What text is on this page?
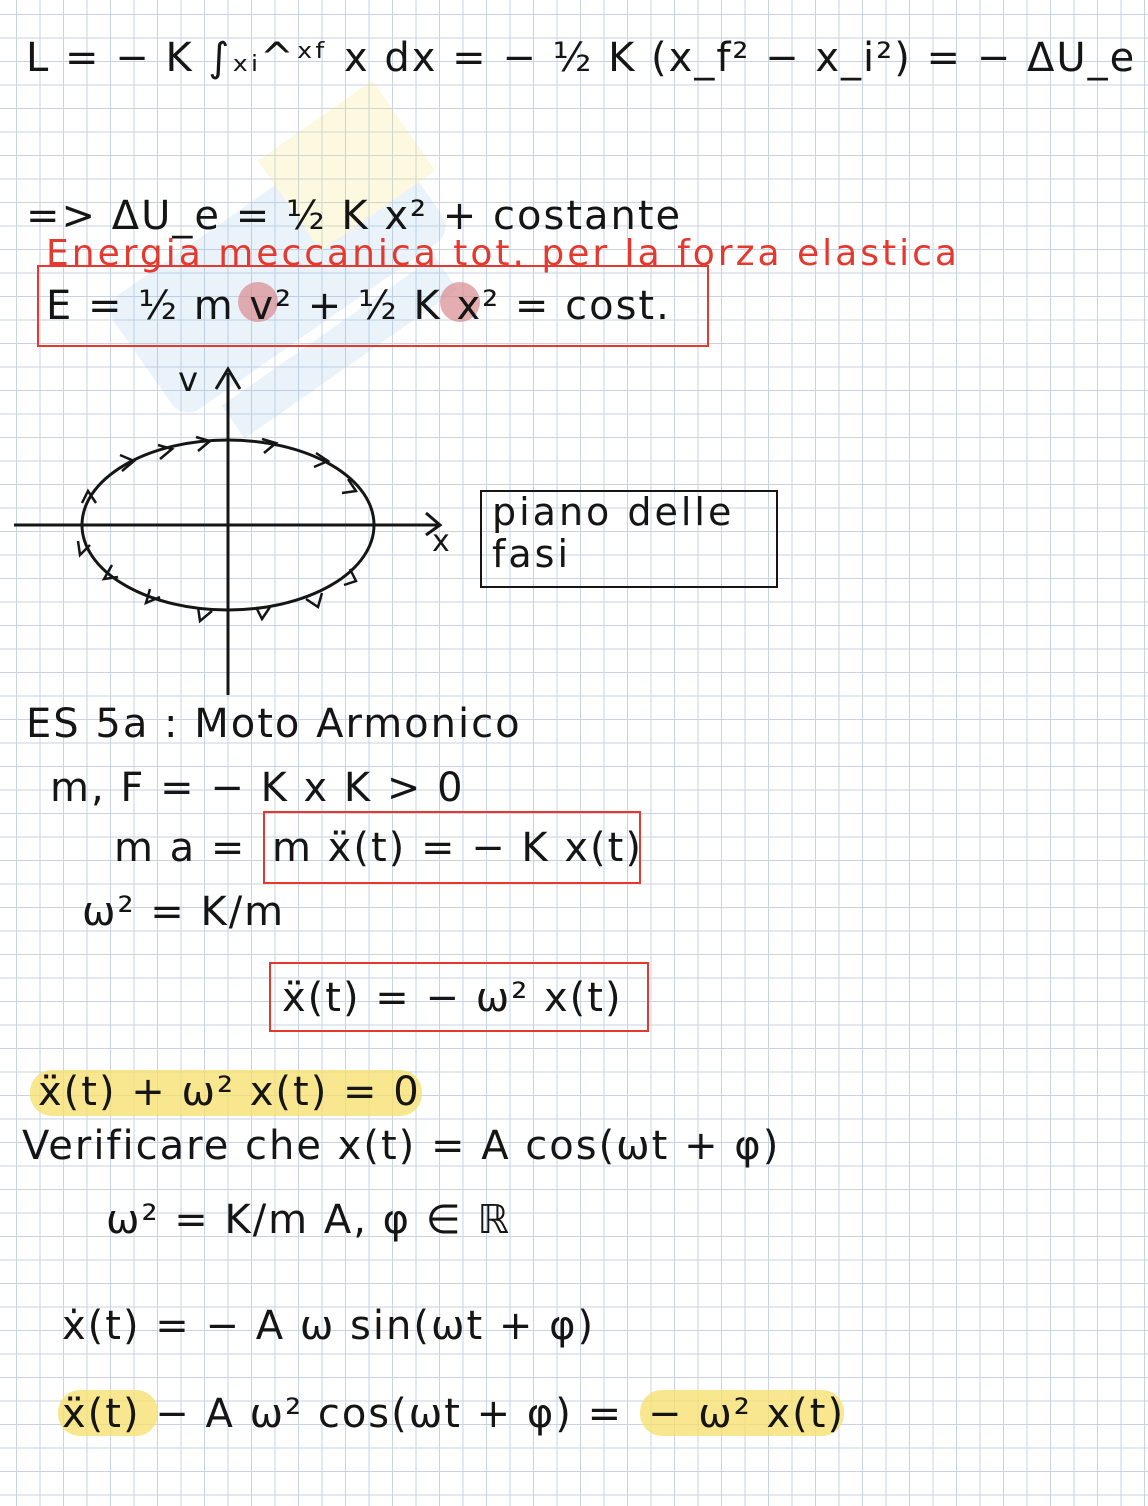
L = − K ∫ₓᵢ^ˣᶠ x dx = − ½ K (x_f² − x_i²) = − ΔU_e
=> ΔU_e = ½ K x² + costante
Energia meccanica tot. per la forza elastica
E = ½ m v² + ½ K x² = cost.
v
x
piano delle
fasi
ES 5a : Moto Armonico
m, F = − K x K > 0
m a = m ẍ(t) = − K x(t)
ω² = K/m
ẍ(t) = − ω² x(t)
ẍ(t) + ω² x(t) = 0
Verificare che x(t) = A cos(ωt + φ)
ω² = K/m A, φ ∈ ℝ
ẋ(t) = − A ω sin(ωt + φ)
ẍ(t) − A ω² cos(ωt + φ) = − ω² x(t)
